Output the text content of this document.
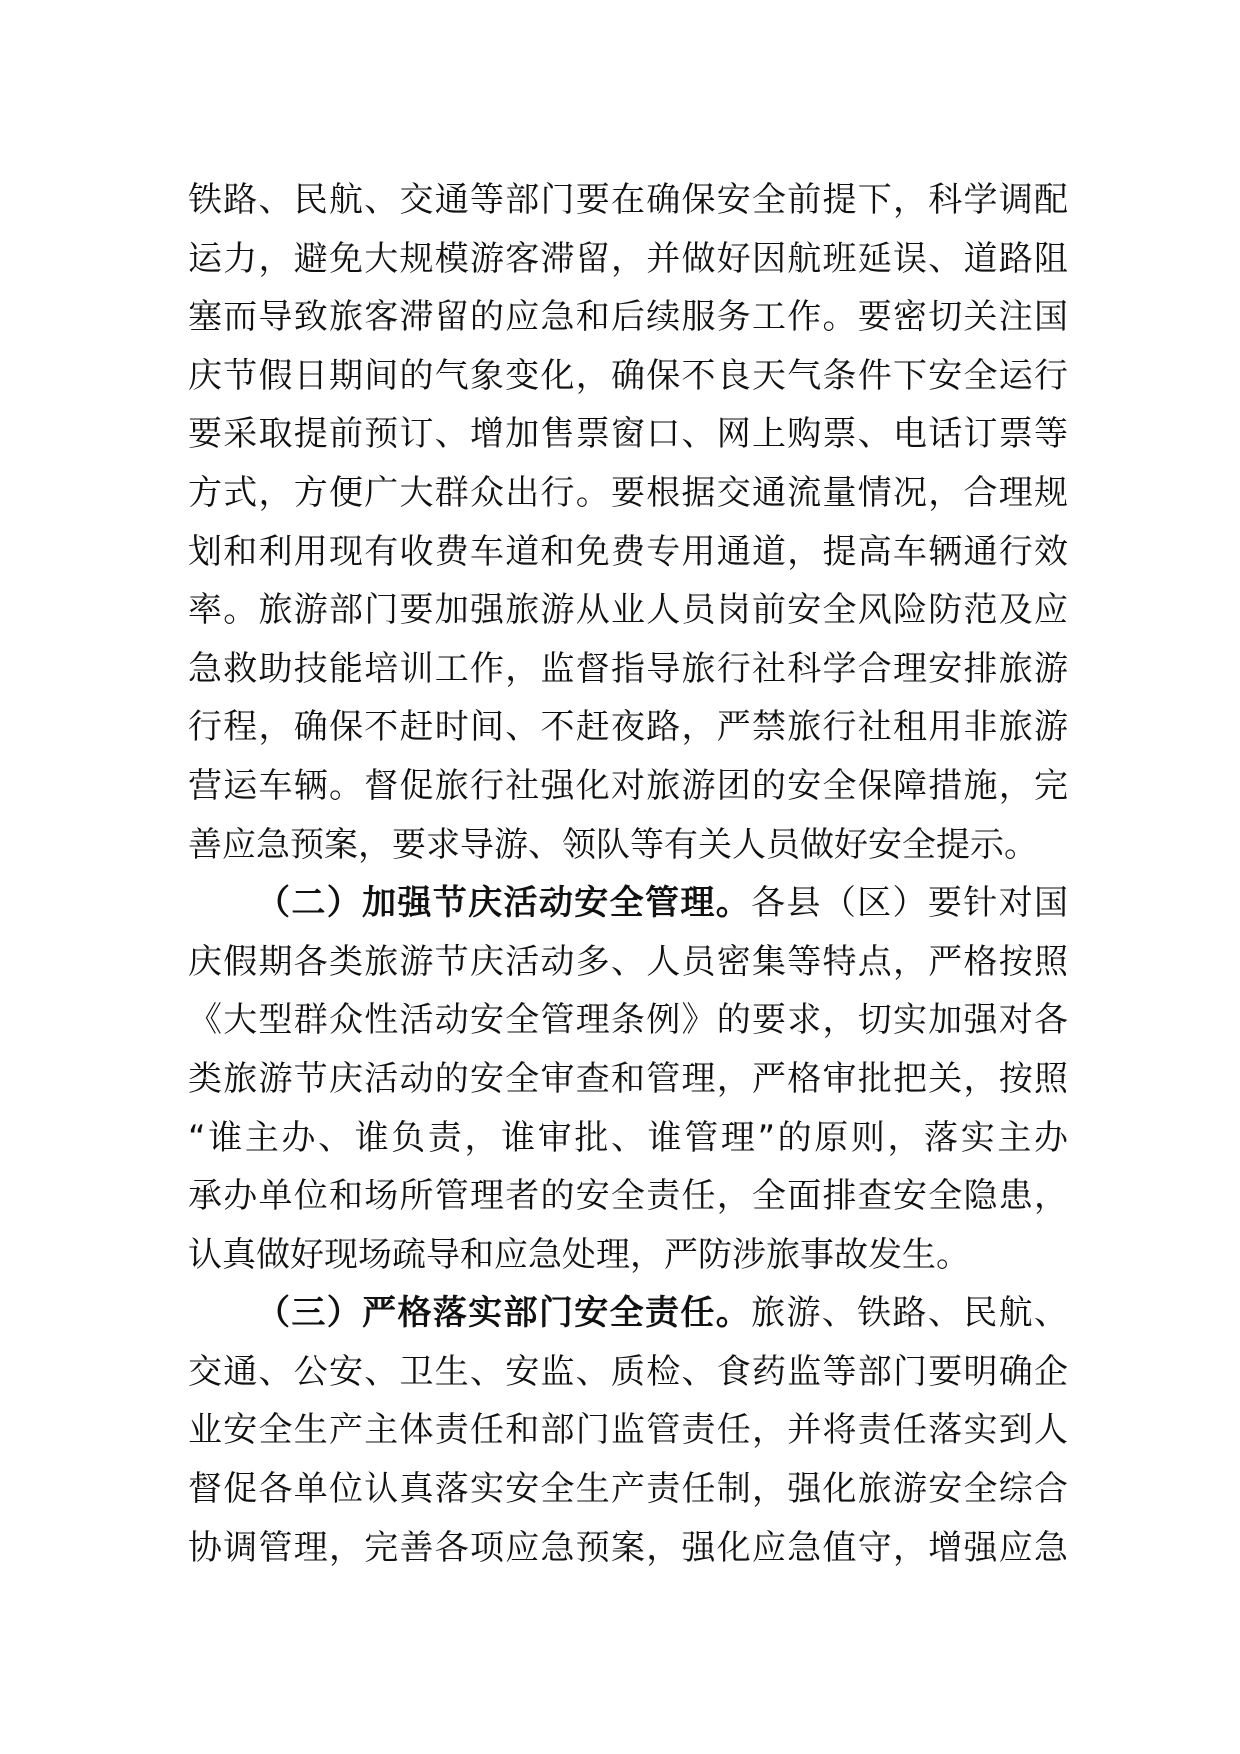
铁路、民航、交通等部门要在确保安全前提下，科学调配
运力，避免大规模游客滞留，并做好因航班延误、道路阻
塞而导致旅客滞留的应急和后续服务工作。要密切关注国
庆节假日期间的气象变化，确保不良天气条件下安全运行
要采取提前预订、增加售票窗口、网上购票、电话订票等
方式，方便广大群众出行。要根据交通流量情况，合理规
划和利用现有收费车道和免费专用通道，提高车辆通行效
率。旅游部门要加强旅游从业人员岗前安全风险防范及应
急救助技能培训工作，监督指导旅行社科学合理安排旅游
行程，确保不赶时间、不赶夜路，严禁旅行社租用非旅游
营运车辆。督促旅行社强化对旅游团的安全保障措施，完
善应急预案，要求导游、领队等有关人员做好安全提示。
（二）加强节庆活动安全管理。各县（区）要针对国
庆假期各类旅游节庆活动多、人员密集等特点，严格按照
《大型群众性活动安全管理条例》的要求，切实加强对各
类旅游节庆活动的安全审查和管理，严格审批把关，按照
“谁主办、谁负责，谁审批、谁管理”的原则，落实主办
承办单位和场所管理者的安全责任，全面排查安全隐患，
认真做好现场疏导和应急处理，严防涉旅事故发生。
（三）严格落实部门安全责任。旅游、铁路、民航、
交通、公安、卫生、安监、质检、食药监等部门要明确企
业安全生产主体责任和部门监管责任，并将责任落实到人
督促各单位认真落实安全生产责任制，强化旅游安全综合
协调管理，完善各项应急预案，强化应急值守，增强应急
